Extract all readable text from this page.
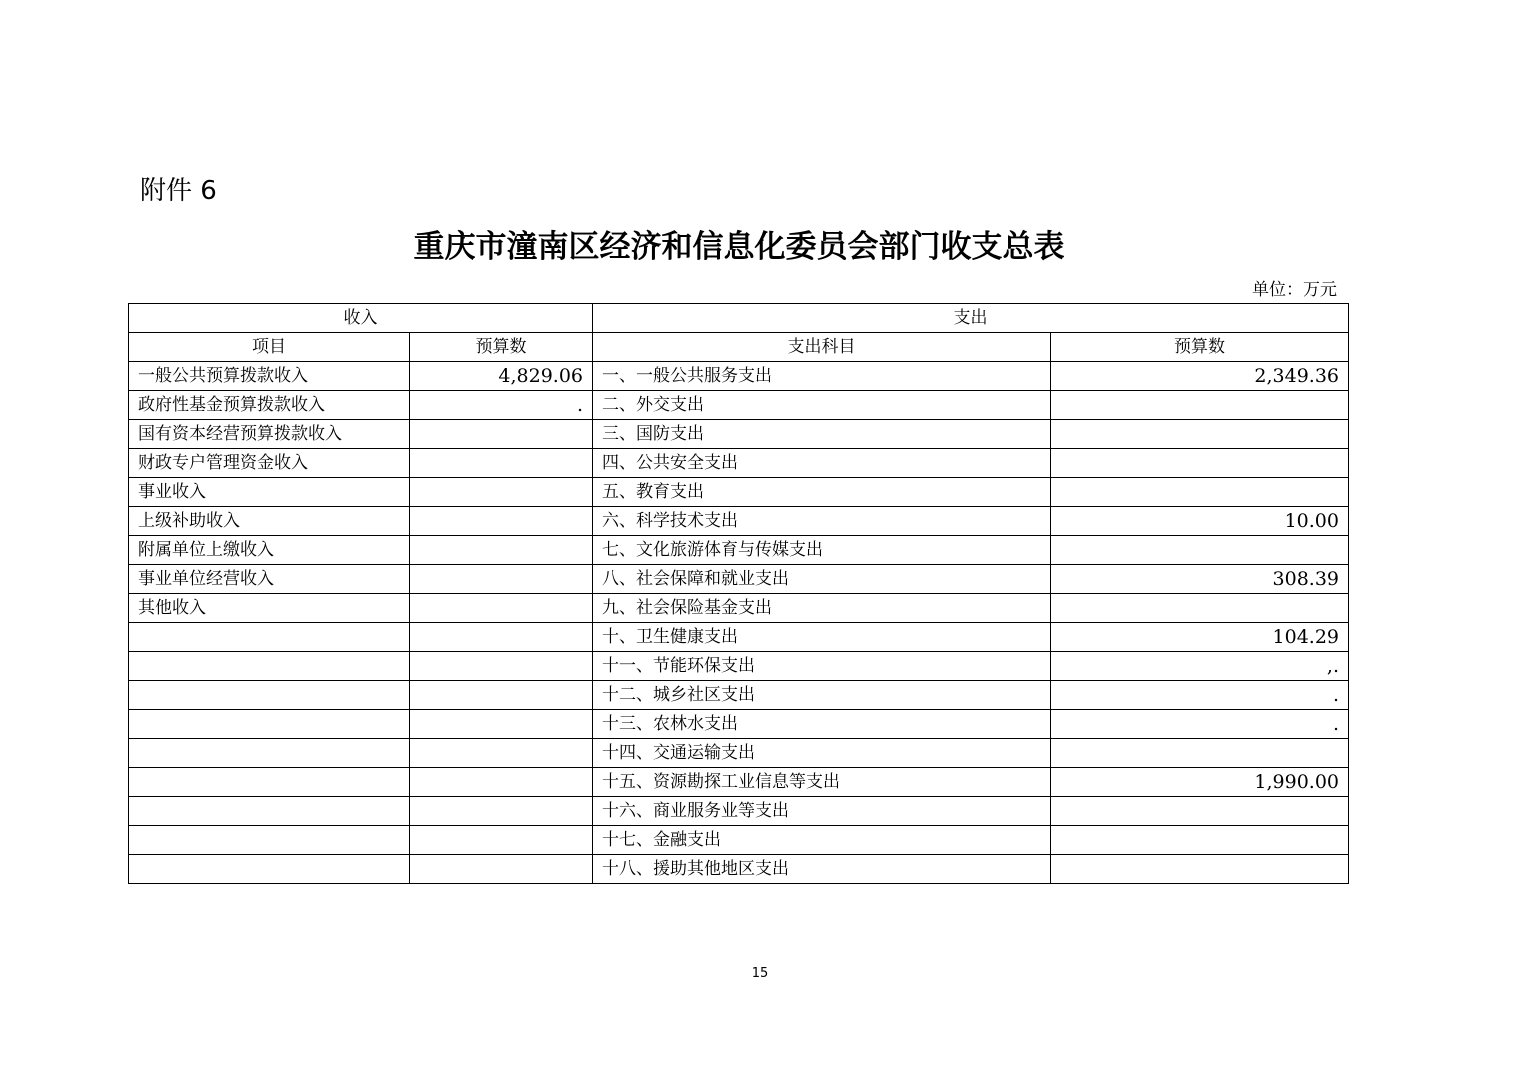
附件 6
重庆市潼南区经济和信息化委员会部门收支总表
单位：万元
收入		支出	
项目	预算数	支出科目	预算数
一般公共预算拨款收入	4,829.06	一、一般公共服务支出	2,349.36
政府性基金预算拨款收入	.	二、外交支出	
国有资本经营预算拨款收入		三、国防支出	
财政专户管理资金收入		四、公共安全支出	
事业收入		五、教育支出	
上级补助收入		六、科学技术支出	10.00
附属单位上缴收入		七、文化旅游体育与传媒支出	
事业单位经营收入		八、社会保障和就业支出	308.39
其他收入		九、社会保险基金支出	
		十、卫生健康支出	104.29
		十一、节能环保支出	,.
		十二、城乡社区支出	.
		十三、农林水支出	.
		十四、交通运输支出	
		十五、资源勘探工业信息等支出	1,990.00
		十六、商业服务业等支出	
		十七、金融支出	
		十八、援助其他地区支出	
15
